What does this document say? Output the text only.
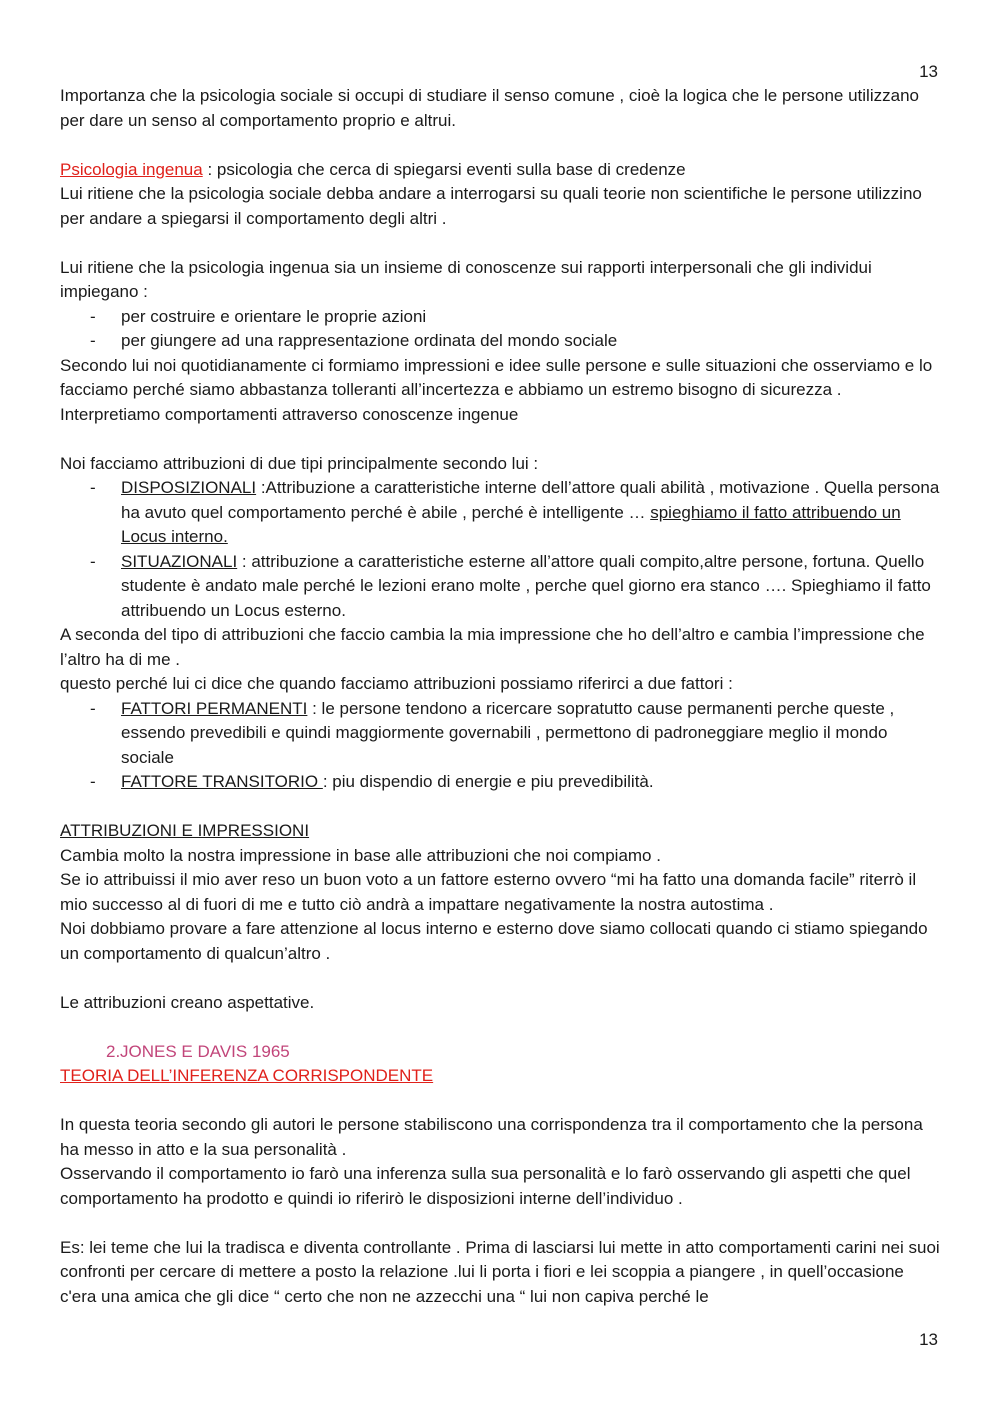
13

Importanza che la psicologia sociale si occupi di studiare il senso comune , cioè la logica che le persone utilizzano per dare un senso al comportamento proprio e altrui.

Psicologia ingenua : psicologia che cerca di spiegarsi eventi sulla base di credenze

Lui ritiene che la psicologia sociale debba andare a interrogarsi su quali teorie non scientifiche le persone utilizzino per andare a spiegarsi il comportamento degli altri .

Lui ritiene che la psicologia ingenua sia un insieme di conoscenze sui rapporti interpersonali che gli individui impiegano :

- per costruire e orientare le proprie azioni
- per giungere ad una rappresentazione ordinata del mondo sociale

Secondo lui noi quotidianamente ci formiamo impressioni e idee sulle persone e sulle situazioni che osserviamo e lo facciamo perché siamo abbastanza tolleranti all’incertezza e abbiamo un estremo bisogno di sicurezza .

Interpretiamo comportamenti attraverso conoscenze ingenue

Noi facciamo attribuzioni di due tipi principalmente secondo lui :

- DISPOSIZIONALI :Attribuzione a caratteristiche interne dell’attore quali abilità , motivazione . Quella persona ha avuto quel comportamento perché è abile , perché è intelligente … spieghiamo il fatto attribuendo un Locus interno.
- SITUAZIONALI : attribuzione a caratteristiche esterne all’attore quali compito,altre persone, fortuna. Quello studente è andato male perché le lezioni erano molte , perche quel giorno era stanco …. Spieghiamo il fatto attribuendo un Locus esterno.

A seconda del tipo di attribuzioni che faccio cambia la mia impressione che ho dell’altro e cambia l’impressione che l’altro ha di me .

questo perché lui ci dice che quando facciamo attribuzioni possiamo riferirci a due fattori :

- FATTORI PERMANENTI : le persone tendono a ricercare sopratutto cause permanenti perche queste , essendo prevedibili e quindi maggiormente governabili , permettono di padroneggiare meglio il mondo sociale
- FATTORE TRANSITORIO : piu dispendio di energie e piu prevedibilità.

ATTRIBUZIONI E IMPRESSIONI

Cambia molto la nostra impressione in base alle attribuzioni che noi compiamo .

Se io attribuissi il mio aver reso un buon voto a un fattore esterno ovvero “mi ha fatto una domanda facile” riterrò il mio successo al di fuori di me e tutto ciò andrà a impattare negativamente la nostra autostima .

Noi dobbiamo provare a fare attenzione al locus interno e esterno dove siamo collocati quando ci stiamo spiegando un comportamento di qualcun’altro .

Le attribuzioni creano aspettative.

2. JONES E DAVIS 1965

TEORIA DELL’INFERENZA CORRISPONDENTE

In questa teoria secondo gli autori le persone stabiliscono una corrispondenza tra il comportamento che la persona ha messo in atto e la sua personalità .

Osservando il comportamento io farò una inferenza sulla sua personalità e lo farò osservando gli aspetti che quel comportamento ha prodotto e quindi io riferirò le disposizioni interne dell’individuo .

Es: lei teme che lui la tradisca e diventa controllante . Prima di lasciarsi lui mette in atto comportamenti carini nei suoi confronti per cercare di mettere a posto la relazione .lui li porta i fiori e lei scoppia a piangere , in quell’occasione c'era una amica che gli dice “ certo che non ne azzecchi una “ lui non capiva perché le

13
